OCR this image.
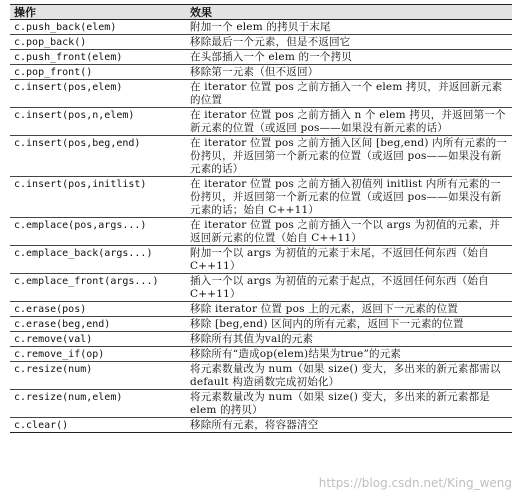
操作	效果
c.push_back(elem)	附加一个 elem 的拷贝于末尾
c.pop_back()	移除最后一个元素，但是不返回它
c.push_front(elem)	在头部插入一个 elem 的一个拷贝
c.pop_front()	移除第一元素（但不返回）
c.insert(pos,elem)	在 iterator 位置 pos 之前方插入一个 elem 拷贝，并返回新元素的位置
c.insert(pos,n,elem)	在 iterator 位置 pos 之前方插入 n 个 elem 拷贝，并返回第一个新元素的位置（或返回 pos——如果没有新元素的话）
c.insert(pos,beg,end)	在 iterator 位置 pos 之前方插入区间 [beg,end) 内所有元素的一份拷贝，并返回第一个新元素的位置（或返回 pos——如果没有新元素的话）
c.insert(pos,initlist)	在 iterator 位置 pos 之前方插入初值列 initlist 内所有元素的一份拷贝，并返回第一个新元素的位置（或返回 pos——如果没有新元素的话；始自 C++11）
c.emplace(pos,args...)	在 iterator 位置 pos 之前方插入一个以 args 为初值的元素，并返回新元素的位置（始自 C++11）
c.emplace_back(args...)	附加一个以 args 为初值的元素于末尾，不返回任何东西（始自 C++11）
c.emplace_front(args...)	插入一个以 args 为初值的元素于起点，不返回任何东西（始自 C++11）
c.erase(pos)	移除 iterator 位置 pos 上的元素，返回下一元素的位置
c.erase(beg,end)	移除 [beg,end) 区间内的所有元素，返回下一元素的位置
c.remove(val)	移除所有其值为val的元素
c.remove_if(op)	移除所有“造成op(elem)结果为true”的元素
c.resize(num)	将元素数量改为 num（如果 size() 变大，多出来的新元素都需以 default 构造函数完成初始化）
c.resize(num,elem)	将元素数量改为 num（如果 size() 变大，多出来的新元素都是 elem 的拷贝）
c.clear()	移除所有元素，将容器清空
https://blog.csdn.net/King_weng
